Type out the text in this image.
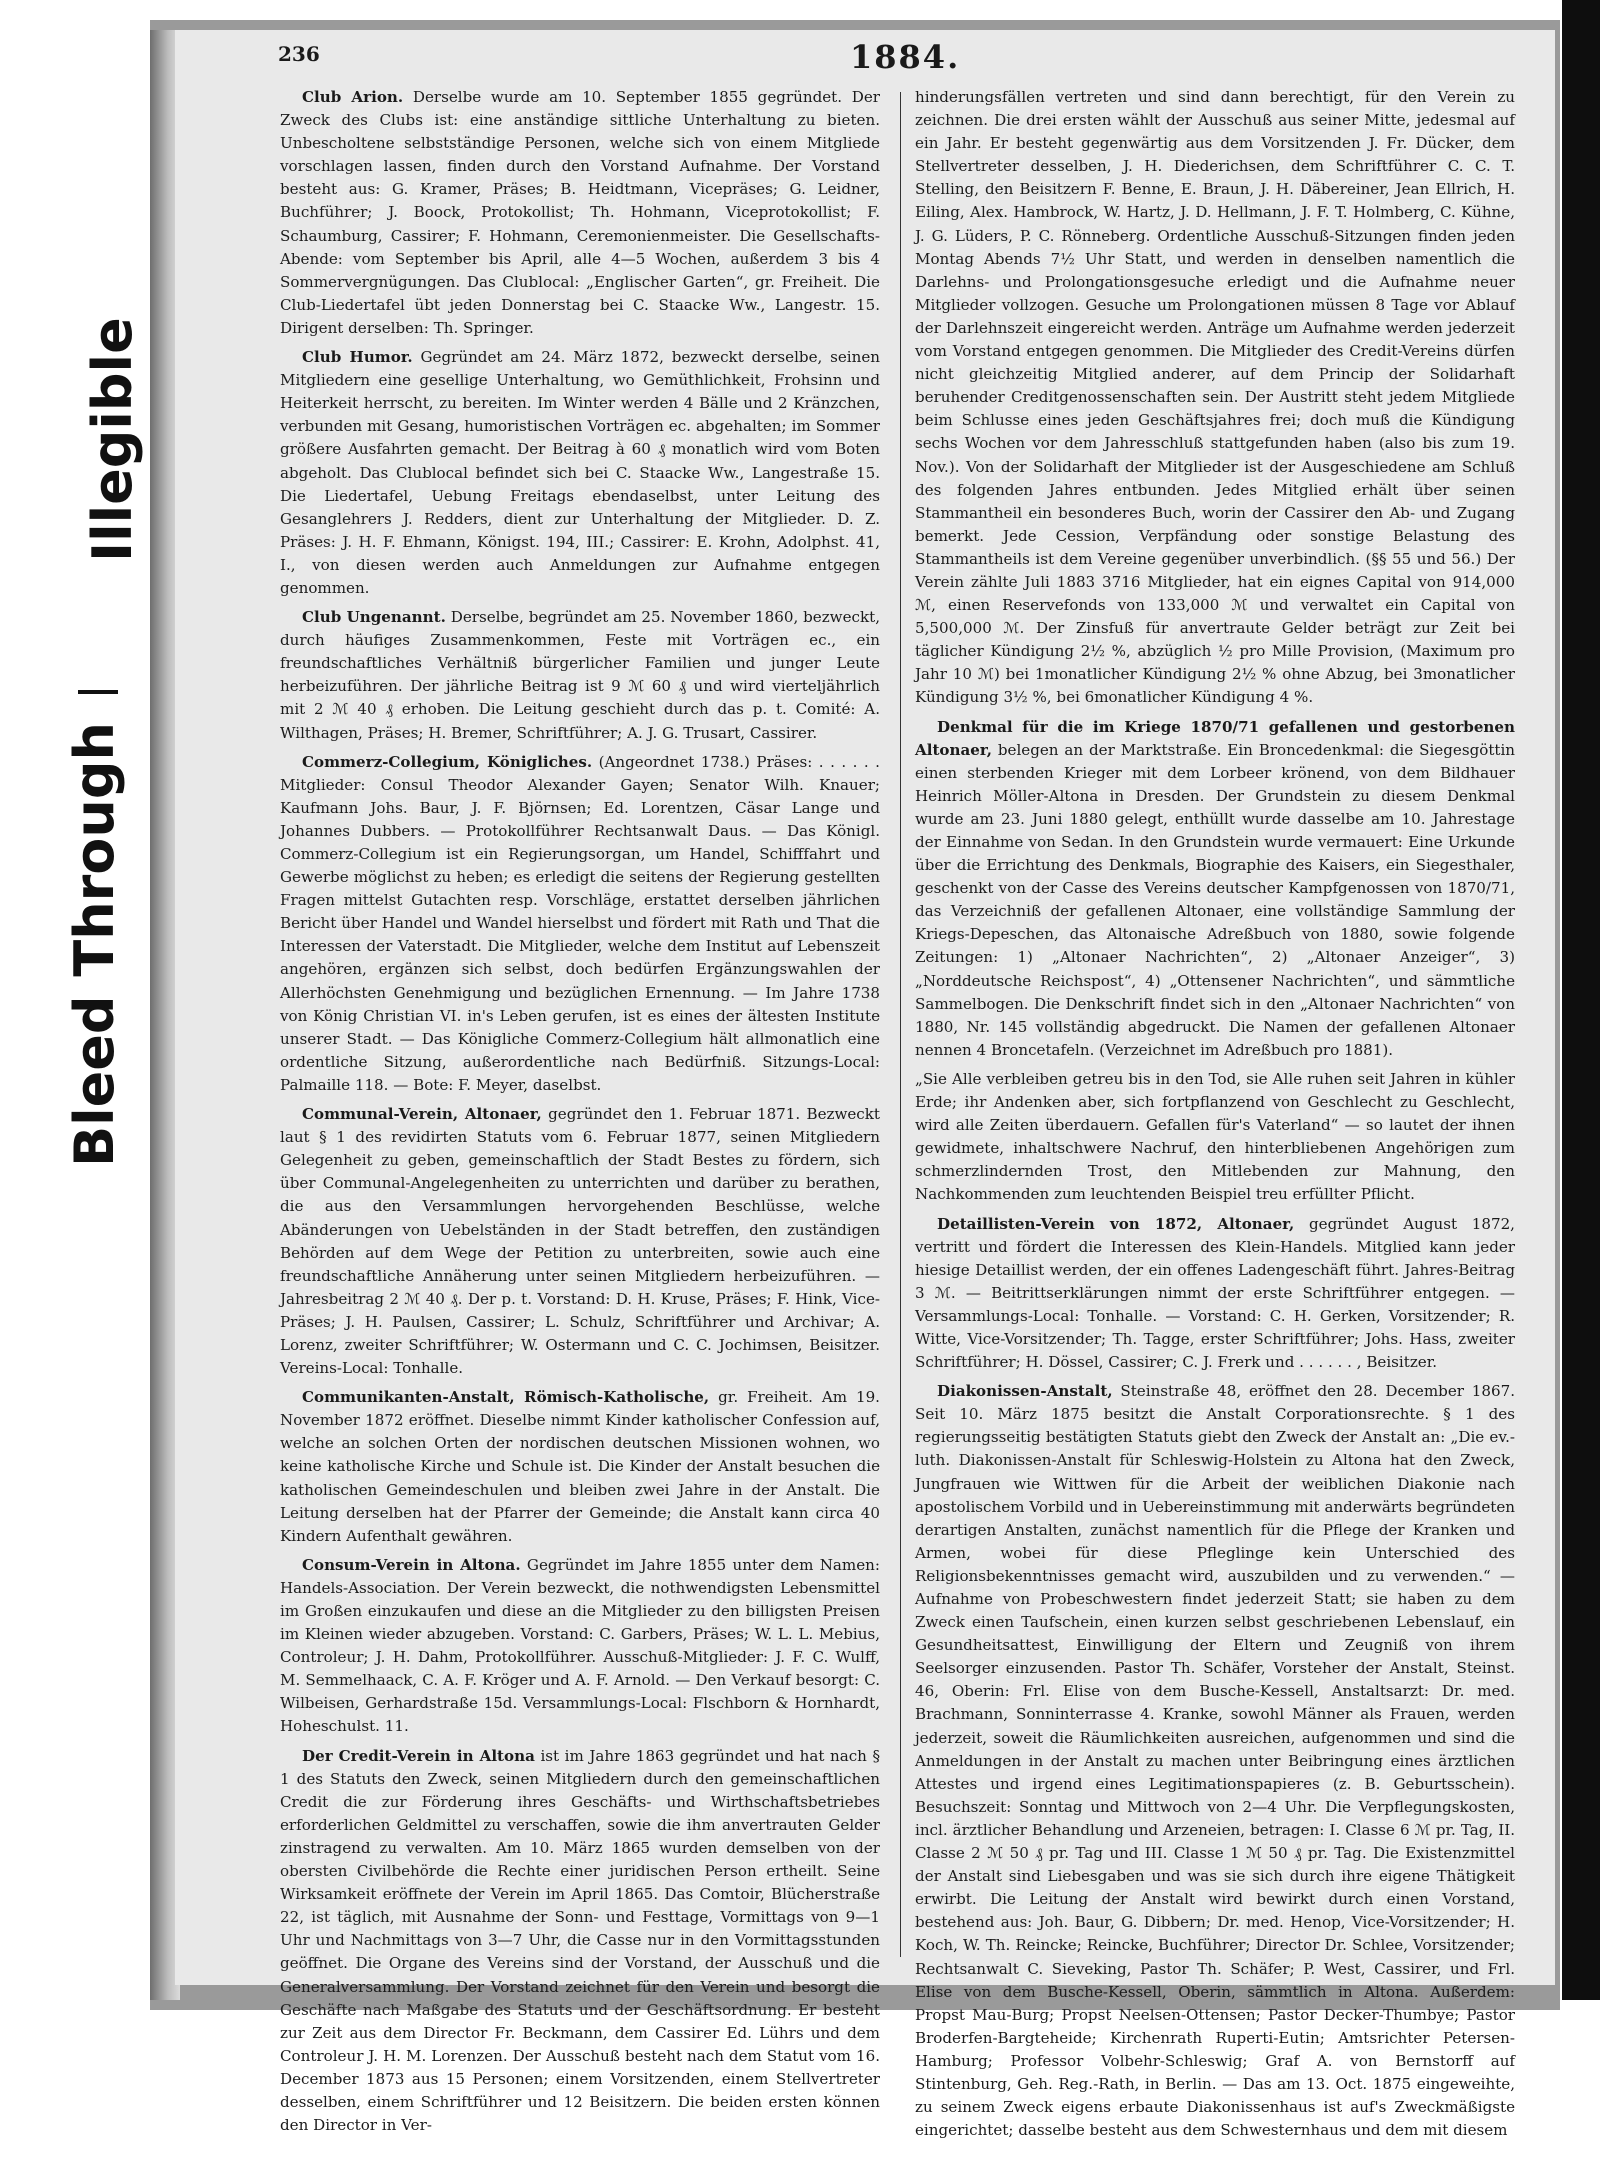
Illegible
Bleed Through
236	1884.

Club Arion. Derselbe wurde am 10. September 1855 gegründet. Der Zweck des Clubs ist: eine anständige sittliche Unterhaltung zu bieten. Unbescholtene selbstständige Personen, welche sich von einem Mitgliede vorschlagen lassen, finden durch den Vorstand Aufnahme. Der Vorstand besteht aus: G. Kramer, Präses; B. Heidtmann, Vicepräses; G. Leidner, Buchführer; J. Boock, Protokollist; Th. Hohmann, Viceprotokollist; F. Schaumburg, Cassirer; F. Hohmann, Ceremonienmeister. Die Gesellschafts-Abende: vom September bis April, alle 4—5 Wochen, außerdem 3 bis 4 Sommervergnügungen. Das Clublocal: „Englischer Garten“, gr. Freiheit. Die Club-Liedertafel übt jeden Donnerstag bei C. Staacke Ww., Langestr. 15. Dirigent derselben: Th. Springer.

Club Humor. Gegründet am 24. März 1872, bezweckt derselbe, seinen Mitgliedern eine gesellige Unterhaltung, wo Gemüthlichkeit, Frohsinn und Heiterkeit herrscht, zu bereiten. Im Winter werden 4 Bälle und 2 Kränzchen, verbunden mit Gesang, humoristischen Vorträgen ec. abgehalten; im Sommer größere Ausfahrten gemacht. Der Beitrag à 60 ₰ monatlich wird vom Boten abgeholt. Das Clublocal befindet sich bei C. Staacke Ww., Langestraße 15. Die Liedertafel, Uebung Freitags ebendaselbst, unter Leitung des Gesanglehrers J. Redders, dient zur Unterhaltung der Mitglieder. D. Z. Präses: J. H. F. Ehmann, Königst. 194, III.; Cassirer: E. Krohn, Adolphst. 41, I., von diesen werden auch Anmeldungen zur Aufnahme entgegen genommen.

Club Ungenannt. Derselbe, begründet am 25. November 1860, bezweckt, durch häufiges Zusammenkommen, Feste mit Vorträgen ec., ein freundschaftliches Verhältniß bürgerlicher Familien und junger Leute herbeizuführen. Der jährliche Beitrag ist 9 ℳ 60 ₰ und wird vierteljährlich mit 2 ℳ 40 ₰ erhoben. Die Leitung geschieht durch das p. t. Comité: A. Wilthagen, Präses; H. Bremer, Schriftführer; A. J. G. Trusart, Cassirer.

Commerz-Collegium, Königliches. (Angeordnet 1738.) Präses: . . . . . . Mitglieder: Consul Theodor Alexander Gayen; Senator Wilh. Knauer; Kaufmann Johs. Baur, J. F. Björnsen; Ed. Lorentzen, Cäsar Lange und Johannes Dubbers. — Protokollführer Rechtsanwalt Daus. — Das Königl. Commerz-Collegium ist ein Regierungsorgan, um Handel, Schifffahrt und Gewerbe möglichst zu heben; es erledigt die seitens der Regierung gestellten Fragen mittelst Gutachten resp. Vorschläge, erstattet derselben jährlichen Bericht über Handel und Wandel hierselbst und fördert mit Rath und That die Interessen der Vaterstadt. Die Mitglieder, welche dem Institut auf Lebenszeit angehören, ergänzen sich selbst, doch bedürfen Ergänzungswahlen der Allerhöchsten Genehmigung und bezüglichen Ernennung. — Im Jahre 1738 von König Christian VI. in's Leben gerufen, ist es eines der ältesten Institute unserer Stadt. — Das Königliche Commerz-Collegium hält allmonatlich eine ordentliche Sitzung, außerordentliche nach Bedürfniß. Sitzungs-Local: Palmaille 118. — Bote: F. Meyer, daselbst.

Communal-Verein, Altonaer, gegründet den 1. Februar 1871. Bezweckt laut § 1 des revidirten Statuts vom 6. Februar 1877, seinen Mitgliedern Gelegenheit zu geben, gemeinschaftlich der Stadt Bestes zu fördern, sich über Communal-Angelegenheiten zu unterrichten und darüber zu berathen, die aus den Versammlungen hervorgehenden Beschlüsse, welche Abänderungen von Uebelständen in der Stadt betreffen, den zuständigen Behörden auf dem Wege der Petition zu unterbreiten, sowie auch eine freundschaftliche Annäherung unter seinen Mitgliedern herbeizuführen. — Jahresbeitrag 2 ℳ 40 ₰. Der p. t. Vorstand: D. H. Kruse, Präses; F. Hink, Vice-Präses; J. H. Paulsen, Cassirer; L. Schulz, Schriftführer und Archivar; A. Lorenz, zweiter Schriftführer; W. Ostermann und C. C. Jochimsen, Beisitzer. Vereins-Local: Tonhalle.

Communikanten-Anstalt, Römisch-Katholische, gr. Freiheit. Am 19. November 1872 eröffnet. Dieselbe nimmt Kinder katholischer Confession auf, welche an solchen Orten der nordischen deutschen Missionen wohnen, wo keine katholische Kirche und Schule ist. Die Kinder der Anstalt besuchen die katholischen Gemeindeschulen und bleiben zwei Jahre in der Anstalt. Die Leitung derselben hat der Pfarrer der Gemeinde; die Anstalt kann circa 40 Kindern Aufenthalt gewähren.

Consum-Verein in Altona. Gegründet im Jahre 1855 unter dem Namen: Handels-Association. Der Verein bezweckt, die nothwendigsten Lebensmittel im Großen einzukaufen und diese an die Mitglieder zu den billigsten Preisen im Kleinen wieder abzugeben. Vorstand: C. Garbers, Präses; W. L. L. Mebius, Controleur; J. H. Dahm, Protokollführer. Ausschuß-Mitglieder: J. F. C. Wulff, M. Semmelhaack, C. A. F. Kröger und A. F. Arnold. — Den Verkauf besorgt: C. Wilbeisen, Gerhardstraße 15d. Versammlungs-Local: Flschborn & Hornhardt, Hoheschulst. 11.

Der Credit-Verein in Altona ist im Jahre 1863 gegründet und hat nach § 1 des Statuts den Zweck, seinen Mitgliedern durch den gemeinschaftlichen Credit die zur Förderung ihres Geschäfts- und Wirthschaftsbetriebes erforderlichen Geldmittel zu verschaffen, sowie die ihm anvertrauten Gelder zinstragend zu verwalten. Am 10. März 1865 wurden demselben von der obersten Civilbehörde die Rechte einer juridischen Person ertheilt. Seine Wirksamkeit eröffnete der Verein im April 1865. Das Comtoir, Blücherstraße 22, ist täglich, mit Ausnahme der Sonn- und Festtage, Vormittags von 9—1 Uhr und Nachmittags von 3—7 Uhr, die Casse nur in den Vormittagsstunden geöffnet. Die Organe des Vereins sind der Vorstand, der Ausschuß und die Generalversammlung. Der Vorstand zeichnet für den Verein und besorgt die Geschäfte nach Maßgabe des Statuts und der Geschäftsordnung. Er besteht zur Zeit aus dem Director Fr. Beckmann, dem Cassirer Ed. Lührs und dem Controleur J. H. M. Lorenzen. Der Ausschuß besteht nach dem Statut vom 16. December 1873 aus 15 Personen; einem Vorsitzenden, einem Stellvertreter desselben, einem Schriftführer und 12 Beisitzern. Die beiden ersten können den Director in Ver-

hinderungsfällen vertreten und sind dann berechtigt, für den Verein zu zeichnen. Die drei ersten wählt der Ausschuß aus seiner Mitte, jedesmal auf ein Jahr. Er besteht gegenwärtig aus dem Vorsitzenden J. Fr. Dücker, dem Stellvertreter desselben, J. H. Diederichsen, dem Schriftführer C. C. T. Stelling, den Beisitzern F. Benne, E. Braun, J. H. Däbereiner, Jean Ellrich, H. Eiling, Alex. Hambrock, W. Hartz, J. D. Hellmann, J. F. T. Holmberg, C. Kühne, J. G. Lüders, P. C. Rönneberg. Ordentliche Ausschuß-Sitzungen finden jeden Montag Abends 7½ Uhr Statt, und werden in denselben namentlich die Darlehns- und Prolongationsgesuche erledigt und die Aufnahme neuer Mitglieder vollzogen. Gesuche um Prolongationen müssen 8 Tage vor Ablauf der Darlehnszeit eingereicht werden. Anträge um Aufnahme werden jederzeit vom Vorstand entgegen genommen. Die Mitglieder des Credit-Vereins dürfen nicht gleichzeitig Mitglied anderer, auf dem Princip der Solidarhaft beruhender Creditgenossenschaften sein. Der Austritt steht jedem Mitgliede beim Schlusse eines jeden Geschäftsjahres frei; doch muß die Kündigung sechs Wochen vor dem Jahresschluß stattgefunden haben (also bis zum 19. Nov.). Von der Solidarhaft der Mitglieder ist der Ausgeschiedene am Schluß des folgenden Jahres entbunden. Jedes Mitglied erhält über seinen Stammantheil ein besonderes Buch, worin der Cassirer den Ab- und Zugang bemerkt. Jede Cession, Verpfändung oder sonstige Belastung des Stammantheils ist dem Vereine gegenüber unverbindlich. (§§ 55 und 56.) Der Verein zählte Juli 1883 3716 Mitglieder, hat ein eignes Capital von 914,000 ℳ, einen Reservefonds von 133,000 ℳ und verwaltet ein Capital von 5,500,000 ℳ. Der Zinsfuß für anvertraute Gelder beträgt zur Zeit bei täglicher Kündigung 2½ %, abzüglich ½ pro Mille Provision, (Maximum pro Jahr 10 ℳ) bei 1monatlicher Kündigung 2½ % ohne Abzug, bei 3monatlicher Kündigung 3½ %, bei 6monatlicher Kündigung 4 %.

Denkmal für die im Kriege 1870/71 gefallenen und gestorbenen Altonaer, belegen an der Marktstraße. Ein Broncedenkmal: die Siegesgöttin einen sterbenden Krieger mit dem Lorbeer krönend, von dem Bildhauer Heinrich Möller-Altona in Dresden. Der Grundstein zu diesem Denkmal wurde am 23. Juni 1880 gelegt, enthüllt wurde dasselbe am 10. Jahrestage der Einnahme von Sedan. In den Grundstein wurde vermauert: Eine Urkunde über die Errichtung des Denkmals, Biographie des Kaisers, ein Siegesthaler, geschenkt von der Casse des Vereins deutscher Kampfgenossen von 1870/71, das Verzeichniß der gefallenen Altonaer, eine vollständige Sammlung der Kriegs-Depeschen, das Altonaische Adreßbuch von 1880, sowie folgende Zeitungen: 1) „Altonaer Nachrichten“, 2) „Altonaer Anzeiger“, 3) „Norddeutsche Reichspost“, 4) „Ottensener Nachrichten“, und sämmtliche Sammelbogen. Die Denkschrift findet sich in den „Altonaer Nachrichten“ von 1880, Nr. 145 vollständig abgedruckt. Die Namen der gefallenen Altonaer nennen 4 Broncetafeln. (Verzeichnet im Adreßbuch pro 1881).

„Sie Alle verbleiben getreu bis in den Tod, sie Alle ruhen seit Jahren in kühler Erde; ihr Andenken aber, sich fortpflanzend von Geschlecht zu Geschlecht, wird alle Zeiten überdauern. Gefallen für's Vaterland“ — so lautet der ihnen gewidmete, inhaltschwere Nachruf, den hinterbliebenen Angehörigen zum schmerzlindernden Trost, den Mitlebenden zur Mahnung, den Nachkommenden zum leuchtenden Beispiel treu erfüllter Pflicht.

Detaillisten-Verein von 1872, Altonaer, gegründet August 1872, vertritt und fördert die Interessen des Klein-Handels. Mitglied kann jeder hiesige Detaillist werden, der ein offenes Ladengeschäft führt. Jahres-Beitrag 3 ℳ. — Beitrittserklärungen nimmt der erste Schriftführer entgegen. — Versammlungs-Local: Tonhalle. — Vorstand: C. H. Gerken, Vorsitzender; R. Witte, Vice-Vorsitzender; Th. Tagge, erster Schriftführer; Johs. Hass, zweiter Schriftführer; H. Dössel, Cassirer; C. J. Frerk und . . . . . . , Beisitzer.

Diakonissen-Anstalt, Steinstraße 48, eröffnet den 28. December 1867. Seit 10. März 1875 besitzt die Anstalt Corporationsrechte. § 1 des regierungsseitig bestätigten Statuts giebt den Zweck der Anstalt an: „Die ev.-luth. Diakonissen-Anstalt für Schleswig-Holstein zu Altona hat den Zweck, Jungfrauen wie Wittwen für die Arbeit der weiblichen Diakonie nach apostolischem Vorbild und in Uebereinstimmung mit anderwärts begründeten derartigen Anstalten, zunächst namentlich für die Pflege der Kranken und Armen, wobei für diese Pfleglinge kein Unterschied des Religionsbekenntnisses gemacht wird, auszubilden und zu verwenden.“ — Aufnahme von Probeschwestern findet jederzeit Statt; sie haben zu dem Zweck einen Taufschein, einen kurzen selbst geschriebenen Lebenslauf, ein Gesundheitsattest, Einwilligung der Eltern und Zeugniß von ihrem Seelsorger einzusenden. Pastor Th. Schäfer, Vorsteher der Anstalt, Steinst. 46, Oberin: Frl. Elise von dem Busche-Kessell, Anstaltsarzt: Dr. med. Brachmann, Sonninterrasse 4. Kranke, sowohl Männer als Frauen, werden jederzeit, soweit die Räumlichkeiten ausreichen, aufgenommen und sind die Anmeldungen in der Anstalt zu machen unter Beibringung eines ärztlichen Attestes und irgend eines Legitimationspapieres (z. B. Geburtsschein). Besuchszeit: Sonntag und Mittwoch von 2—4 Uhr. Die Verpflegungskosten, incl. ärztlicher Behandlung und Arzeneien, betragen: I. Classe 6 ℳ pr. Tag, II. Classe 2 ℳ 50 ₰ pr. Tag und III. Classe 1 ℳ 50 ₰ pr. Tag. Die Existenzmittel der Anstalt sind Liebesgaben und was sie sich durch ihre eigene Thätigkeit erwirbt. Die Leitung der Anstalt wird bewirkt durch einen Vorstand, bestehend aus: Joh. Baur, G. Dibbern; Dr. med. Henop, Vice-Vorsitzender; H. Koch, W. Th. Reincke; Reincke, Buchführer; Director Dr. Schlee, Vorsitzender; Rechtsanwalt C. Sieveking, Pastor Th. Schäfer; P. West, Cassirer, und Frl. Elise von dem Busche-Kessell, Oberin, sämmtlich in Altona. Außerdem: Propst Mau-Burg; Propst Neelsen-Ottensen; Pastor Decker-Thumbye; Pastor Broderfen-Bargteheide; Kirchenrath Ruperti-Eutin; Amtsrichter Petersen-Hamburg; Professor Volbehr-Schleswig; Graf A. von Bernstorff auf Stintenburg, Geh. Reg.-Rath, in Berlin. — Das am 13. Oct. 1875 eingeweihte, zu seinem Zweck eigens erbaute Diakonissenhaus ist auf's Zweckmäßigste eingerichtet; dasselbe besteht aus dem Schwesternhaus und dem mit diesem
